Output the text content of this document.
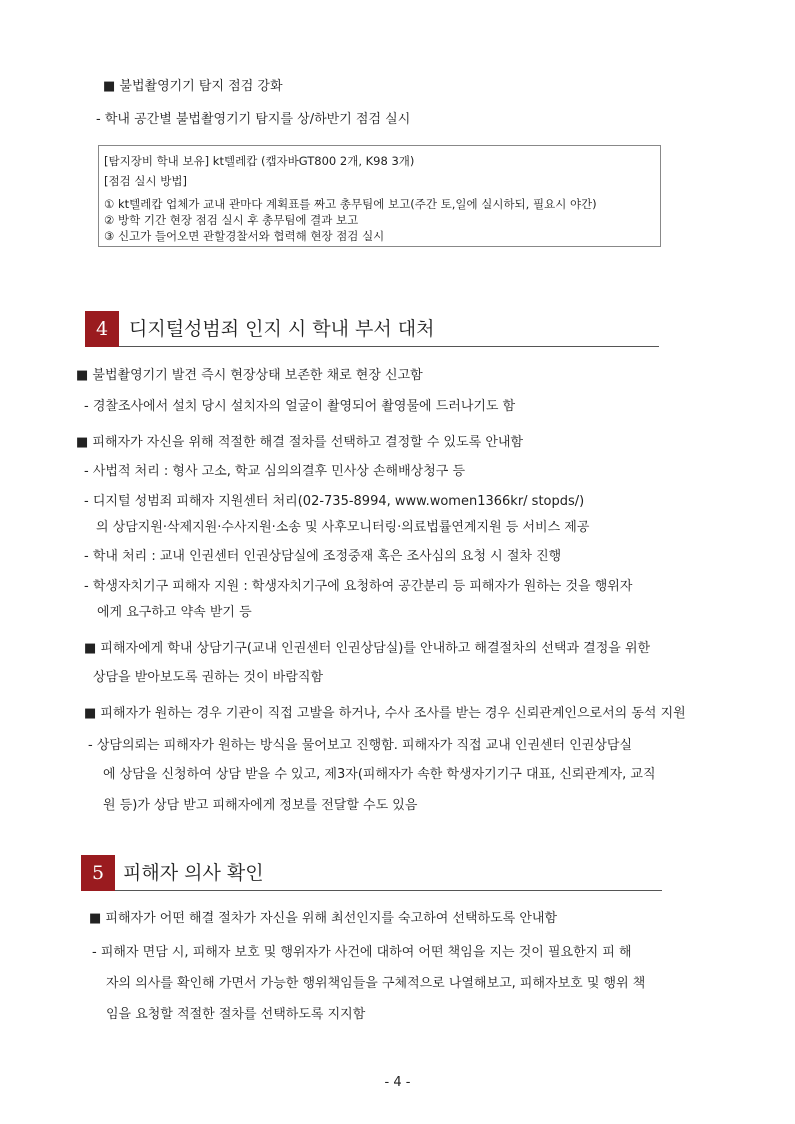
■ 불법촬영기기 탐지 점검 강화
- 학내 공간별 불법촬영기기 탐지를 상/하반기 점검 실시
[탐지장비 학내 보유] kt텔레캅 (캡자바GT800 2개, K98 3개)
[점검 실시 방법]
① kt텔레캅 업체가 교내 관마다 계획표를 짜고 총무팀에 보고(주간 토,일에 실시하되, 필요시 야간)
② 방학 기간 현장 점검 실시 후 총무팀에 결과 보고
③ 신고가 들어오면 관할경찰서와 협력해 현장 점검 실시
4	디지털성범죄 인지 시 학내 부서 대처
■ 불법촬영기기 발견 즉시 현장상태 보존한 채로 현장 신고함
- 경찰조사에서 설치 당시 설치자의 얼굴이 촬영되어 촬영물에 드러나기도 함
■ 피해자가 자신을 위해 적절한 해결 절차를 선택하고 결정할 수 있도록 안내함
- 사법적 처리 : 형사 고소, 학교 심의의결후 민사상 손해배상청구 등
- 디지털 성범죄 피해자 지원센터 처리(02-735-8994, www.women1366kr/ stopds/)
의 상담지원·삭제지원·수사지원·소송 및 사후모니터링·의료법률연계지원 등 서비스 제공
- 학내 처리 : 교내 인권센터 인권상담실에 조정중재 혹은 조사심의 요청 시 절차 진행
- 학생자치기구 피해자 지원 : 학생자치기구에 요청하여 공간분리 등 피해자가 원하는 것을 행위자
에게 요구하고 약속 받기 등
■ 피해자에게 학내 상담기구(교내 인권센터 인권상담실)를 안내하고 해결절차의 선택과 결정을 위한
상담을 받아보도록 권하는 것이 바람직함
■ 피해자가 원하는 경우 기관이 직접 고발을 하거나, 수사 조사를 받는 경우 신뢰관계인으로서의 동석 지원
- 상담의뢰는 피해자가 원하는 방식을 물어보고 진행함. 피해자가 직접 교내 인권센터 인권상담실
에 상담을 신청하여 상담 받을 수 있고, 제3자(피해자가 속한 학생자기기구 대표, 신뢰관계자, 교직
원 등)가 상담 받고 피해자에게 정보를 전달할 수도 있음
5 피해자 의사 확인
■ 피해자가 어떤 해결 절차가 자신을 위해 최선인지를 숙고하여 선택하도록 안내함
- 피해자 면담 시, 피해자 보호 및 행위자가 사건에 대하여 어떤 책임을 지는 것이 필요한지 피 해
자의 의사를 확인해 가면서 가능한 행위책임들을 구체적으로 나열해보고, 피해자보호 및 행위 책
임을 요청할 적절한 절차를 선택하도록 지지함
- 4 -
